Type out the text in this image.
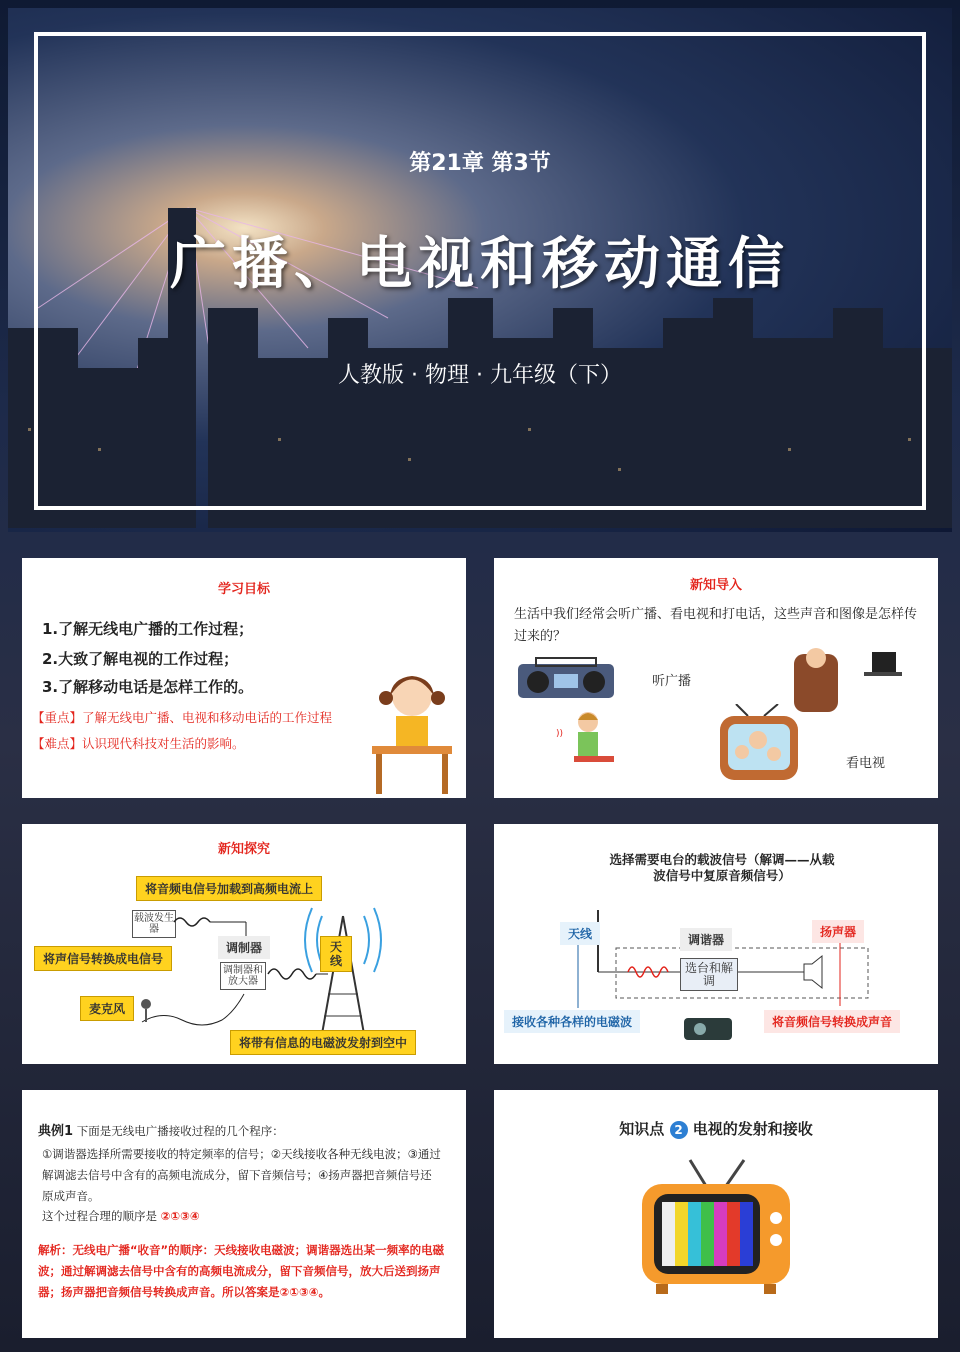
第21章 第3节
广播、电视和移动通信
人教版 · 物理 · 九年级（下）
学习目标
1.了解无线电广播的工作过程；
2.大致了解电视的工作过程；
3.了解移动电话是怎样工作的。
【重点】了解无线电广播、电视和移动电话的工作过程
【难点】认识现代科技对生活的影响。
新知导入
生活中我们经常会听广播、看电视和打电话，这些声音和图像是怎样传过来的？
听广播
))
看电视
新知探究
将音频电信号加载到高频电流上
载波发生器
天线
将声信号转换成电信号
调制器
调制器和放大器
麦克风
将带有信息的电磁波发射到空中
选择需要电台的载波信号（解调——从载波信号中复原音频信号）
天线	调谐器
扬声器
选台和解调
接收各种各样的电磁波	将音频信号转换成声音
典例1 下面是无线电广播接收过程的几个程序：
①调谐器选择所需要接收的特定频率的信号；②天线接收各种无线电波；③通过解调滤去信号中含有的高频电流成分，留下音频信号；④扬声器把音频信号还原成声音。
这个过程合理的顺序是 ②①③④
解析：无线电广播“收音”的顺序：天线接收电磁波；调谐器选出某一频率的电磁波；通过解调滤去信号中含有的高频电流成分，留下音频信号，放大后送到扬声器；扬声器把音频信号转换成声音。所以答案是②①③④。
知识点 2 电视的发射和接收
